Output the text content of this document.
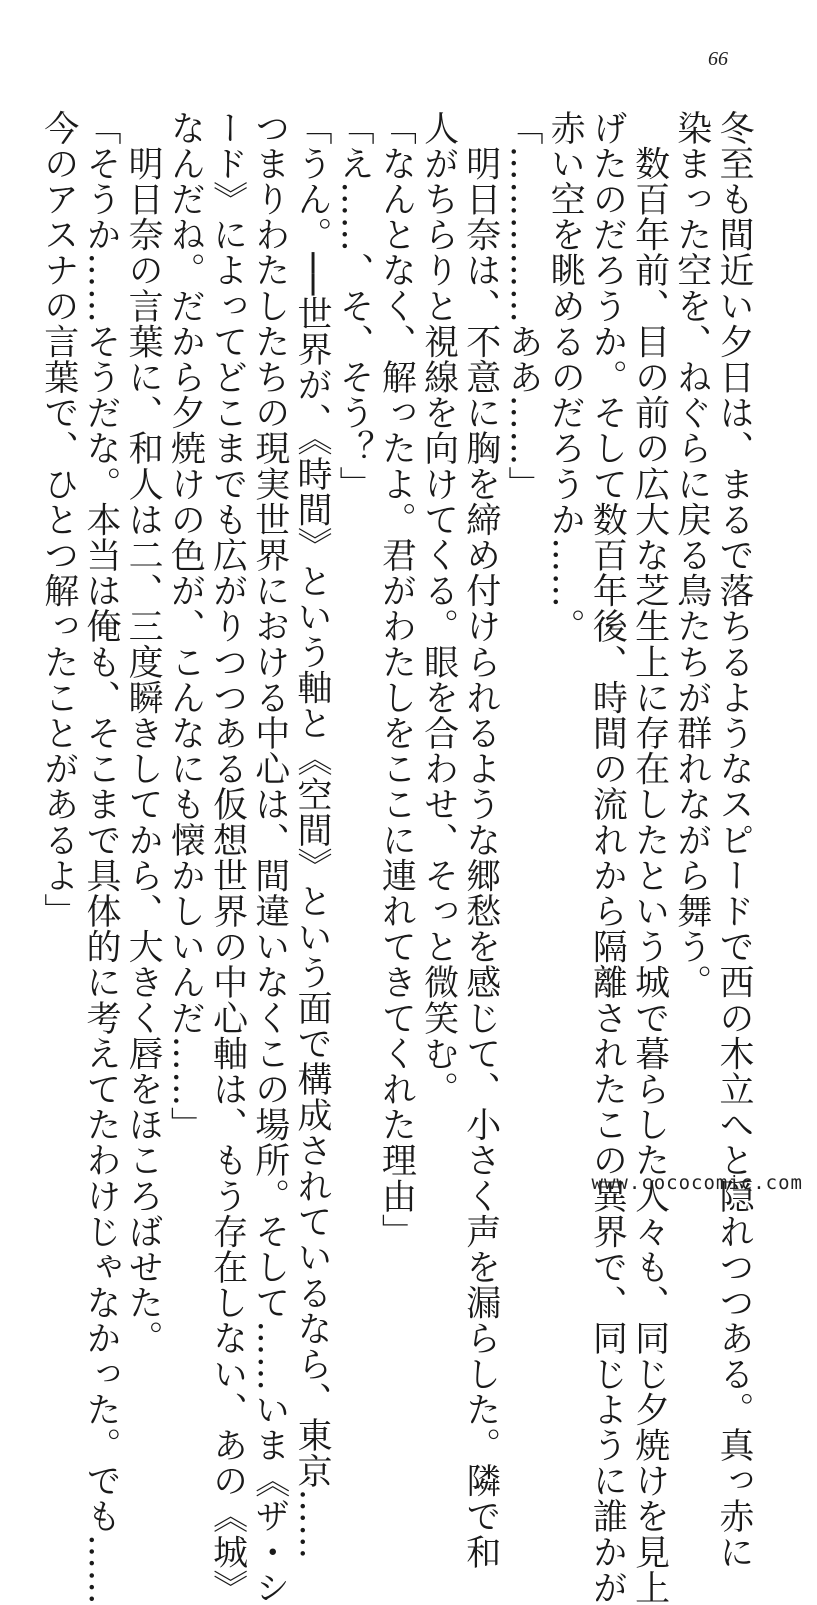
66

冬至も間近い夕日は、まるで落ちるようなスピードで西の木立へと隠れつつある。真っ赤に

染まった空を、ねぐらに戻る鳥たちが群れながら舞う。

　数百年前、目の前の広大な芝生上に存在したという城で暮らした人々も、同じ夕焼けを見上

げたのだろうか。そして数百年後、時間の流れから隔離されたこの異界で、同じように誰かが

赤い空を眺めるのだろうか……。

「……………ああ……」

　明日奈は、不意に胸を締め付けられるような郷愁を感じて、小さく声を漏らした。隣で和

人がちらりと視線を向けてくる。眼を合わせ、そっと微笑む。

「なんとなく、解ったよ。君がわたしをここに連れてきてくれた理由」

「え……、そ、そう？」

「うん。──世界が、《時間》という軸と《空間》という面で構成されているなら、東京……

つまりわたしたちの現実世界における中心は、間違いなくこの場所。そして……いま《ザ・シ

ード》によってどこまでも広がりつつある仮想世界の中心軸は、もう存在しない、あの《城》

なんだね。だから夕焼けの色が、こんなにも懐かしいんだ……」

　明日奈の言葉に、和人は二、三度瞬きしてから、大きく唇をほころばせた。

「そうか……そうだな。本当は俺も、そこまで具体的に考えてたわけじゃなかった。でも……

今のアスナの言葉で、ひとつ解ったことがあるよ」

www.cococomic.com
